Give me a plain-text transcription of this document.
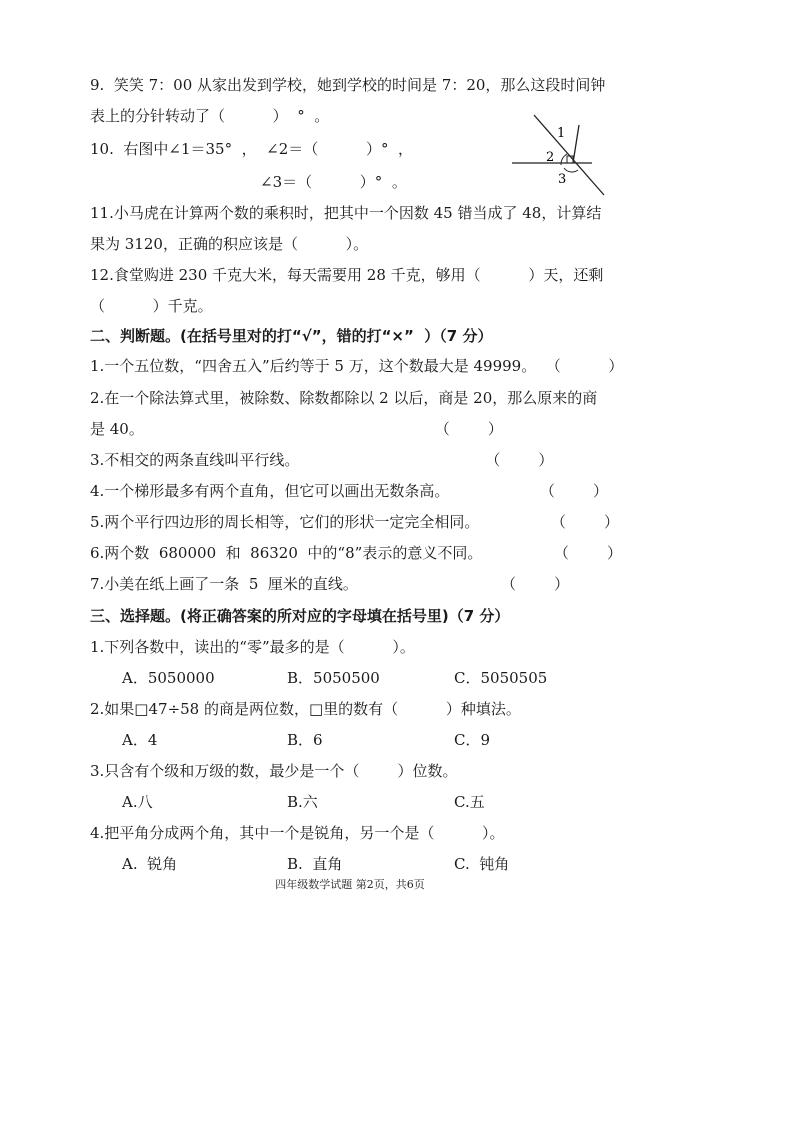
9.  笑笑 7：00 从家出发到学校，她到学校的时间是 7：20，那么这段时间钟
表上的分针转动了（          ）  °  。
10.  右图中∠1＝35°  ，  ∠2＝（          ）°  ，
∠3＝（          ）°  。
1
2
3
11.小马虎在计算两个数的乘积时，把其中一个因数 45 错当成了 48，计算结
果为 3120，正确的积应该是（          ）。
12.食堂购进 230 千克大米，每天需要用 28 千克，够用（          ）天，还剩
（          ）千克。
二、判断题。(在括号里对的打“√”，错的打“×”  ）（7 分）
1.一个五位数，“四舍五入”后约等于 5 万，这个数最大是 49999。  （          ）
2.在一个除法算式里，被除数、除数都除以 2 以后，商是 20，那么原来的商
是 40。                                                             （        ）
3.不相交的两条直线叫平行线。                                       （        ）
4.一个梯形最多有两个直角，但它可以画出无数条高。                   （        ）
5.两个平行四边形的周长相等，它们的形状一定完全相同。               （        ）
6.两个数  680000  和  86320  中的“8”表示的意义不同。               （        ）
7.小美在纸上画了一条  5  厘米的直线。                              （        ）
三、选择题。(将正确答案的所对应的字母填在括号里)（7 分）
1.下列各数中，读出的“零”最多的是（          ）。
A．5050000	B．5050500	C．5050505
2.如果□47÷58 的商是两位数，□里的数有（          ）种填法。
A．4	B．6	C．9
3.只含有个级和万级的数，最少是一个（        ）位数。
A.八	B.六	C.五
4.把平角分成两个角，其中一个是锐角，另一个是（          ）。
A.  锐角	B.  直角	C.  钝角
四年级数学试题 第2页，共6页
